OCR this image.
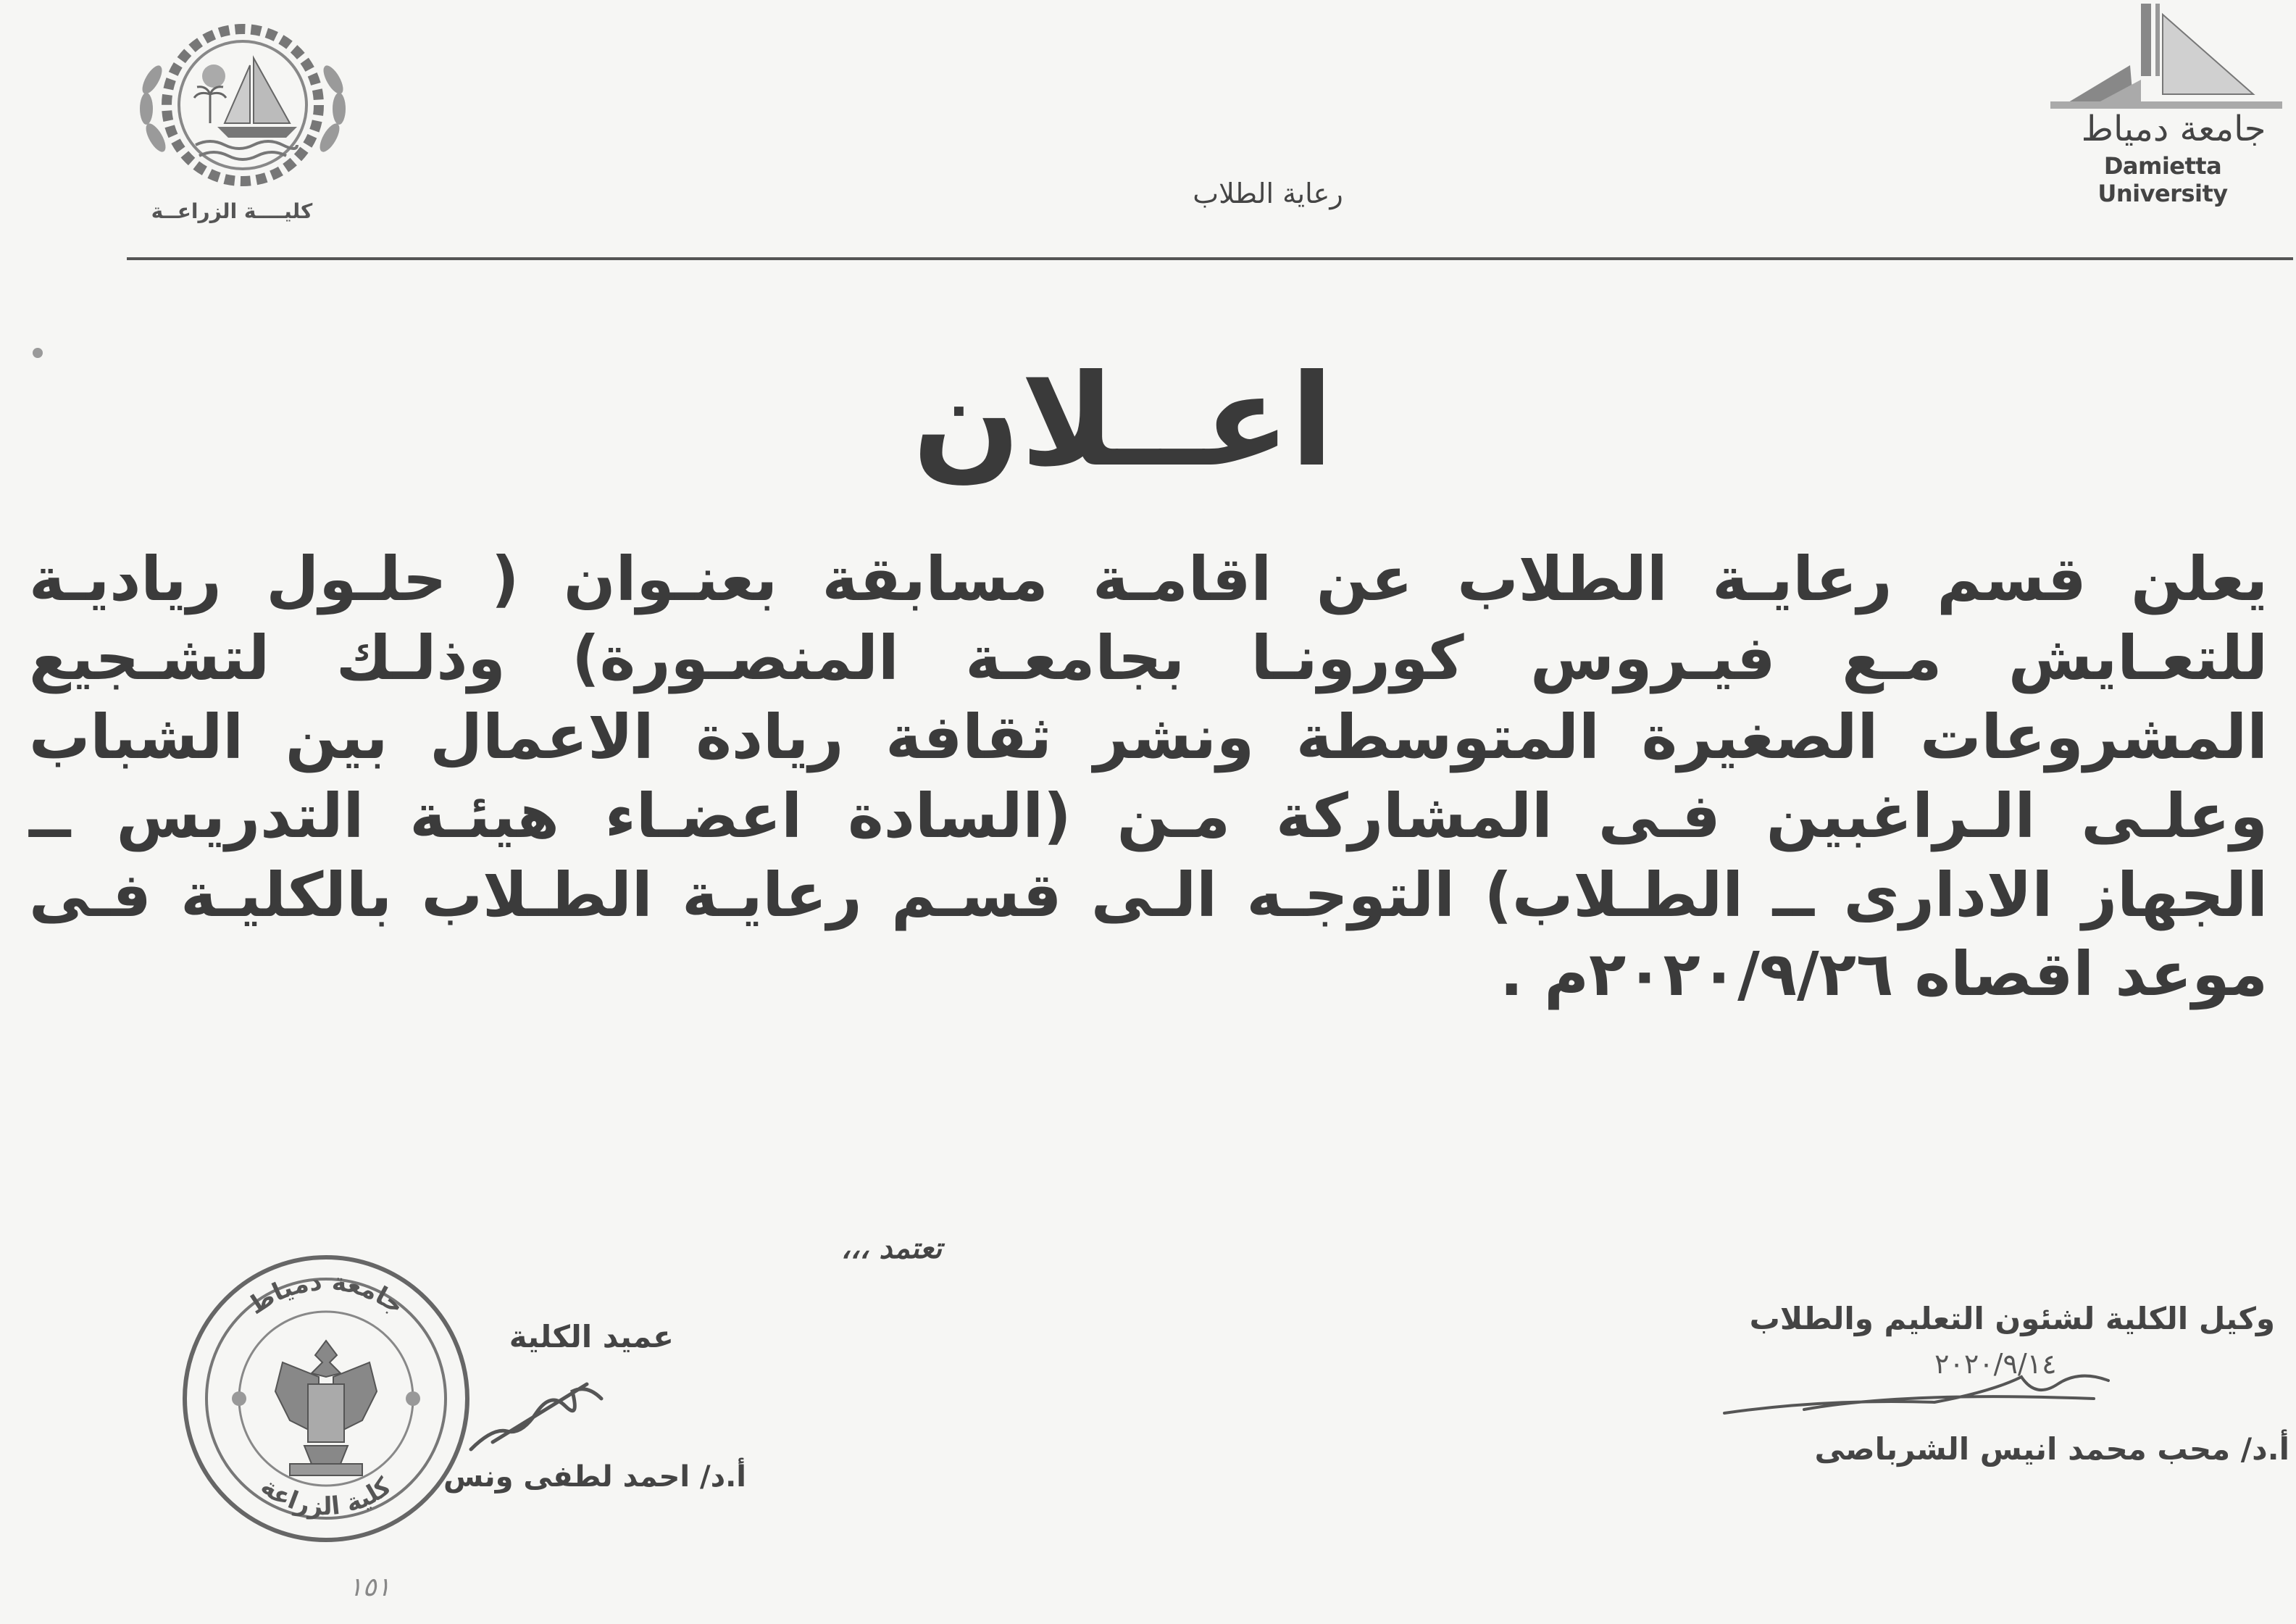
كليــــة الزراعــة
جامعة دمياط
Damietta University
رعاية الطلاب
اعــلان
يعلن قسم رعايـة الطلاب عن اقامـة مسابقة بعنـوان ( حلـول رياديـة
للتعـايش مـع فيـروس كورونـا بجامعـة المنصـورة) وذلـك لتشـجيع
المشروعات الصغيرة المتوسطة ونشر ثقافة ريادة الاعمال بين الشباب
وعلـى الـراغبين فـى المشاركة مـن (السادة اعضـاء هيئـة التدريس ــ
الجهاز الادارى ــ الطـلاب) التوجـه الـى قسـم رعايـة الطـلاب بالكليـة فـى
موعد اقصاه ٢٠٢٠/٩/٢٦م .
تعتمد ،،،
جامعة دمياط
كلية الزراعة
عميد الكلية
أ.د/ احمد لطفى ونس
وكيل الكلية لشئون التعليم والطلاب
٢٠٢٠/٩/١٤
أ.د/ محب محمد انيس الشرباصى
١٥١
